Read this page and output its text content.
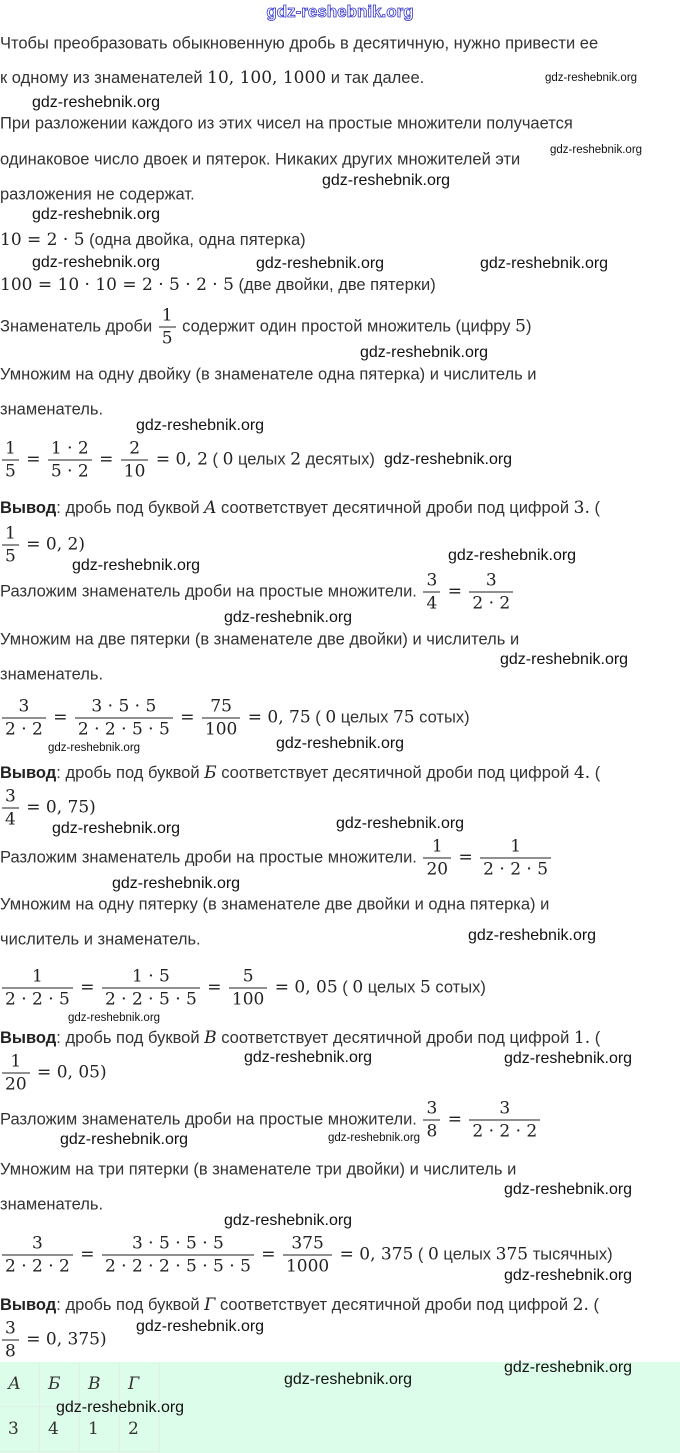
gdz-reshebnik.org
Чтобы преобразовать обыкновенную дробь в десятичную, нужно привести ее
к одному из знаменателей 10, 100, 1000 и так далее.
При разложении каждого из этих чисел на простые множители получается
одинаковое число двоек и пятерок. Никаких других множителей эти
разложения не содержат.
10 = 2 · 5 (одна двойка, одна пятерка)
100 = 10 · 10 = 2 · 5 · 2 · 5 (две двойки, две пятерки)
Знаменатель дроби $\frac{1}{5}$ содержит один простой множитель (цифру 5)
Умножим на одну двойку (в знаменателе одна пятерка) и числитель и
знаменатель.
$\frac{1}{5} = \frac{1 \cdot 2}{5 \cdot 2} = \frac{2}{10} = 0$, 2 ( 0 целых 2 десятых)
Вывод: дробь под буквой A соответствует десятичной дроби под цифрой 3. (
$\frac{1}{5} = 0$, 2)
Разложим знаменатель дроби на простые множители. $\frac{3}{4} = \frac{3}{2 \cdot 2}$
Умножим на две пятерки (в знаменателе две двойки) и числитель и
знаменатель.
$\frac{3}{2 \cdot 2} = \frac{3 \cdot 5 \cdot 5}{2 \cdot 2 \cdot 5 \cdot 5} = \frac{75}{100} = 0$, 75 ( 0 целых 75 сотых)
Вывод: дробь под буквой Б соответствует десятичной дроби под цифрой 4. (
$\frac{3}{4} = 0$, 75)
Разложим знаменатель дроби на простые множители. $\frac{1}{20} = \frac{1}{2 \cdot 2 \cdot 5}$
Умножим на одну пятерку (в знаменателе две двойки и одна пятерка) и
числитель и знаменатель.
$\frac{1}{2 \cdot 2 \cdot 5} = \frac{1 \cdot 5}{2 \cdot 2 \cdot 5 \cdot 5} = \frac{5}{100} = 0$, 05 ( 0 целых 5 сотых)
Вывод: дробь под буквой B соответствует десятичной дроби под цифрой 1. (
$\frac{1}{20} = 0$, 05)
Разложим знаменатель дроби на простые множители. $\frac{3}{8} = \frac{3}{2 \cdot 2 \cdot 2}$
Умножим на три пятерки (в знаменателе три двойки) и числитель и
знаменатель.
$\frac{3}{2 \cdot 2 \cdot 2} = \frac{3 \cdot 5 \cdot 5 \cdot 5}{2 \cdot 2 \cdot 2 \cdot 5 \cdot 5 \cdot 5} = \frac{375}{1000} = 0$, 375 ( 0 целых 375 тысячных)
Вывод: дробь под буквой Г соответствует десятичной дроби под цифрой 2. (
$\frac{3}{8} = 0$, 375)
А	Б	В	Г
3	4	1	2
gdz-reshebnik.org
gdz-reshebnik.org
gdz-reshebnik.org
gdz-reshebnik.org
gdz-reshebnik.org
gdz-reshebnik.org	gdz-reshebnik.org
gdz-reshebnik.org
gdz-reshebnik.org
gdz-reshebnik.org
gdz-reshebnik.org
gdz-reshebnik.org
gdz-reshebnik.org
gdz-reshebnik.org
gdz-reshebnik.org
gdz-reshebnik.org	gdz-reshebnik.org
gdz-reshebnik.org	gdz-reshebnik.org
gdz-reshebnik.org
gdz-reshebnik.org
gdz-reshebnik.org
gdz-reshebnik.org	gdz-reshebnik.org
gdz-reshebnik.org	gdz-reshebnik.org
gdz-reshebnik.org
gdz-reshebnik.org
gdz-reshebnik.org
gdz-reshebnik.org
gdz-reshebnik.org
gdz-reshebnik.org
gdz-reshebnik.org
